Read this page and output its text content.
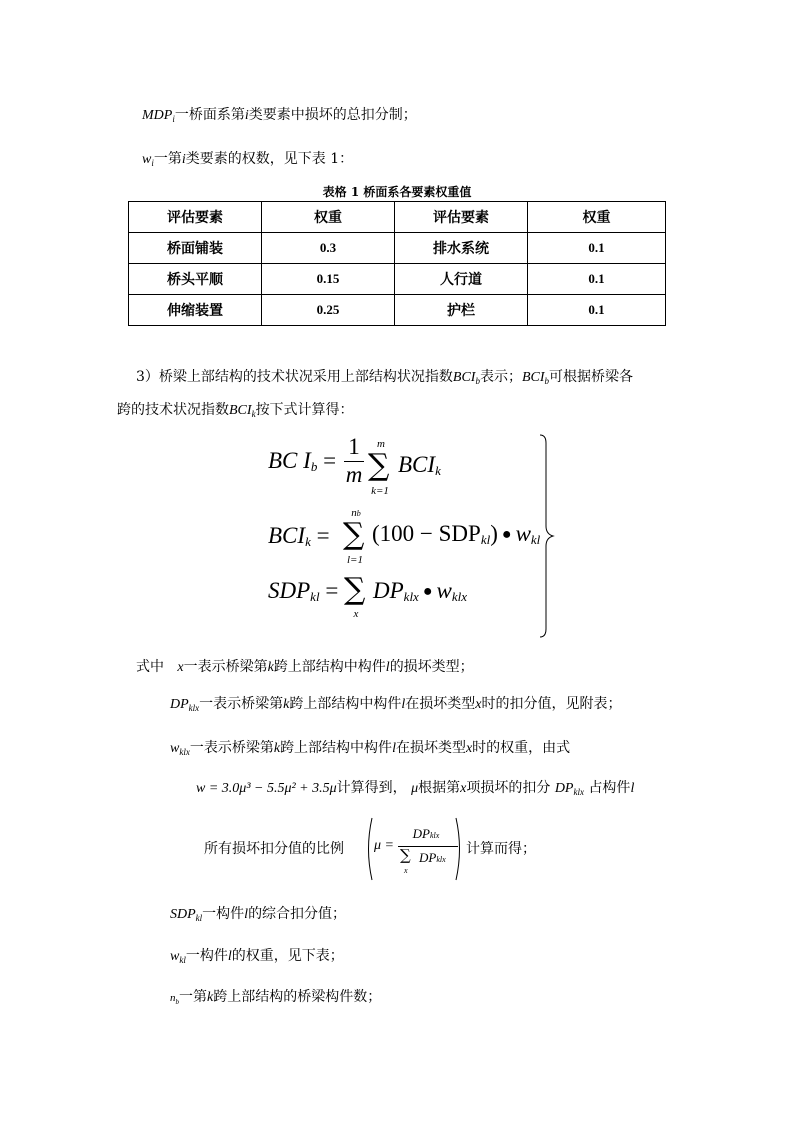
$MDP_i$一桥面系第i类要素中损坏的总扣分制；
$w_i$一第i类要素的权数，见下表 1：
表格 1 桥面系各要素权重值
评估要素	权重	评估要素	权重
桥面铺装	0.3	排水系统	0.1
桥头平顺	0.15	人行道	0.1
伸缩装置	0.25	护栏	0.1
3）桥梁上部结构的技术状况采用上部结构状况指数$BCI_b$表示；$BCI_b$可根据桥梁各
跨的技术状况指数$BCI_k$按下式计算得：
BC $I_b$ =
1
m
m
∑
k=1
$BCI_k$
$BCI_k$ =
nb
∑
l=1
$(100 - SDP_{kl})$ ● $w_{kl}$
$SDP_{kl}$ = ∑
x
$DP_{klx}$ ● $w_{klx}$
式中 x一表示桥梁第k跨上部结构中构件l的损坏类型；
$DP_{klx}$一表示桥梁第k跨上部结构中构件l在损坏类型x时的扣分值，见附表；
$w_{klx}$一表示桥梁第k跨上部结构中构件l在损坏类型x时的权重，由式
w = 3.0μ³ − 5.5μ² + 3.5μ计算得到， μ根据第x项损坏的扣分 $DP_{klx}$ 占构件l
所有损坏扣分值的比例 μ =
DPklx
∑
x
DPklx
计算而得；
$SDP_{kl}$一构件l的综合扣分值；
$w_{kl}$一构件l的权重，见下表；
$n_b$一第k跨上部结构的桥梁构件数；
